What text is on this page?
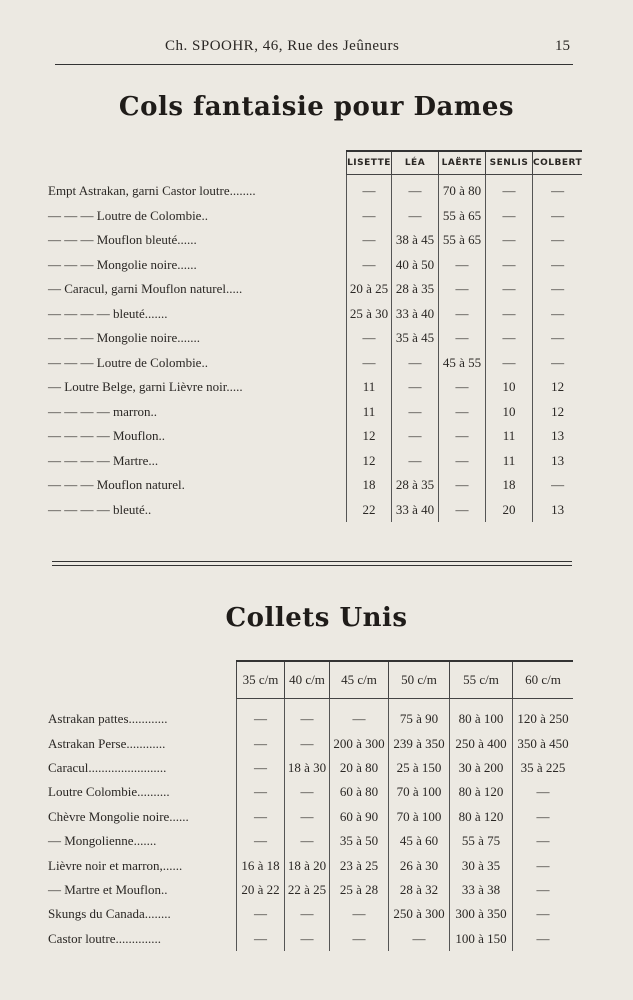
Ch. SPOOHR, 46, Rue des Jeûneurs	15
Cols fantaisie pour Dames
	LISETTE	LÉA	LAËRTE	SENLIS	COLBERT

Empt Astrakan, garni Castor loutre........	—	—	70 à 80	—	—
— — — Loutre de Colombie..	—	—	55 à 65	—	—
— — — Mouflon bleuté......	—	38 à 45	55 à 65	—	—
— — — Mongolie noire......	—	40 à 50	—	—	—
— Caracul, garni Mouflon naturel.....	20 à 25	28 à 35	—	—	—
— — — — bleuté.......	25 à 30	33 à 40	—	—	—
— — — Mongolie noire.......	—	35 à 45	—	—	—
— — — Loutre de Colombie..	—	—	45 à 55	—	—
— Loutre Belge, garni Lièvre noir.....	11	—	—	10	12
— — — — marron..	11	—	—	10	12
— — — — Mouflon..	12	—	—	11	13
— — — — Martre...	12	—	—	11	13
— — — Mouflon naturel.	18	28 à 35	—	18	—
— — — — bleuté..	22	33 à 40	—	20	13
Collets Unis
	35 c/m	40 c/m	45 c/m	50 c/m	55 c/m	60 c/m

Astrakan pattes............	—	—	—	75 à 90	80 à 100	120 à 250
Astrakan Perse............	—	—	200 à 300	239 à 350	250 à 400	350 à 450
Caracul........................	—	18 à 30	20 à 80	25 à 150	30 à 200	35 à 225
Loutre Colombie..........	—	—	60 à 80	70 à 100	80 à 120	—
Chèvre Mongolie noire......	—	—	60 à 90	70 à 100	80 à 120	—
— Mongolienne.......	—	—	35 à 50	45 à 60	55 à 75	—
Lièvre noir et marron,......	16 à 18	18 à 20	23 à 25	26 à 30	30 à 35	—
— Martre et Mouflon..	20 à 22	22 à 25	25 à 28	28 à 32	33 à 38	—
Skungs du Canada........	—	—	—	250 à 300	300 à 350	—
Castor loutre..............	—	—	—	—	100 à 150	—
